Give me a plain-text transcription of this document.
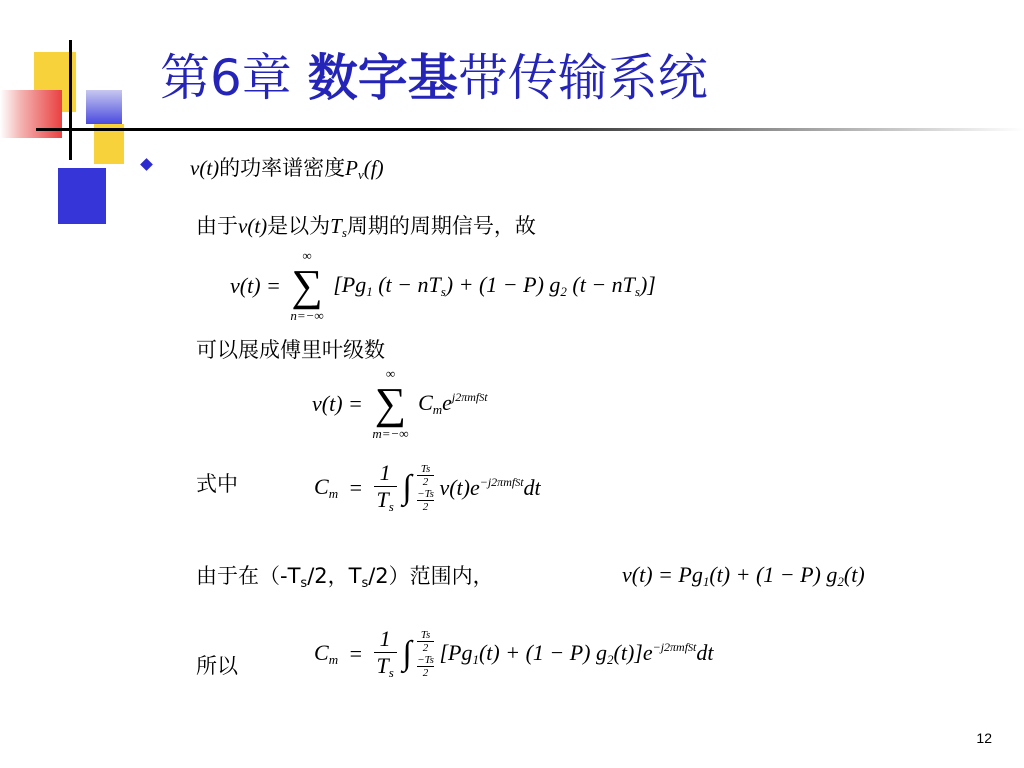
第6章 数字基带传输系统
v(t)的功率谱密度$P_v(f)$
由于v(t)是以为$T_s$周期的周期信号，故
v(t) =
∞
∑
n=−∞
[$Pg_1$ $(t - nT_s) + (1 - P)$ $g_2$ $(t - nT_s)$]
可以展成傅里叶级数
v(t) =
∞
∑
m=−∞
$C_me^{j2\pi mfSt}$
式中	$C_m = \frac{1}{T_s}$ ∫ Ts
2
−Ts
2
$v(t)e^{-j2\pi mfSt}dt$
由于在（$-T_s/2$，$T_s/2$）范围内，	$v(t) = Pg_1(t) + (1 - P)$ $g_2(t)$
所以
$C_m = \frac{1}{T_s}$ ∫ Ts
2
−Ts
2
[$Pg_1(t) + (1 - P)$ $g_2(t)]e^{-j2\pi mfSt}dt$
12
